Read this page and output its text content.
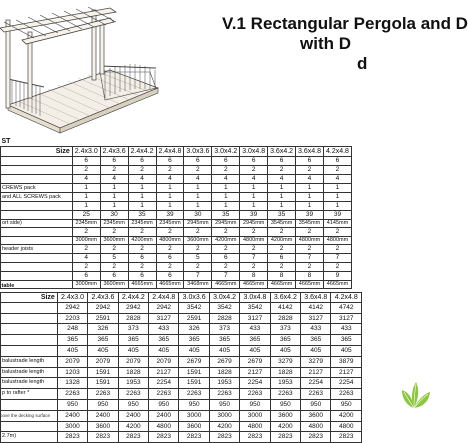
V.1 Rectangular Pergola and D
with D
d
ST										
Size	2.4x3.0	2.4x3.6	2.4x4.2	2.4x4.8	3.0x3.6	3.0x4.2	3.0x4.8	3.6x4.2	3.6x4.8	4.2x4.8
	6	6	6	6	6	6	6	6	6	6
	2	2	2	2	2	2	2	2	2	2
	4	4	4	4	4	4	4	4	4	4
CREWS pack	1	1	1	1	1	1	1	1	1	1
and ALL SCREWS pack	1	1	1	1	1	1	1	1	1	1
	1	1	1	1	1	1	1	1	1	1
	25	30	35	39	30	35	39	35	39	39
ort side)	2345mm	2345mm	2345mm	2345mm	2945mm	2945mm	2945mm	3545mm	3545mm	4145mm
	2	2	2	2	2	2	2	2	2	2
	3000mm	3600mm	4200mm	4800mm	3600mm	4200mm	4800mm	4200mm	4800mm	4800mm
header joists	2	2	2	2	2	2	2	2	2	2
	4	5	6	6	5	6	7	6	7	7
	2	2	2	2	2	2	2	2	2	2
	6	6	6	6	7	7	8	8	8	9
	3000mm	3600mm	4665mm	4665mm	3468mm	4665mm	4665mm	4665mm	4665mm	4665mm
table										
Size	2.4x3.0	2.4x3.6	2.4x4.2	2.4x4.8	3.0x3.6	3.0x4.2	3.0x4.8	3.6x4.2	3.6x4.8	4.2x4.8
	2942	2942	2942	2942	3542	3542	3542	4142	4142	4742
	2203	2591	2828	3127	2591	2828	3127	2828	3127	3127
	248	326	373	433	326	373	433	373	433	433
	365	365	365	365	365	365	365	365	365	365
	405	405	405	405	405	405	405	405	405	405
balustrade length	2079	2079	2079	2079	2679	2679	2679	3279	3279	3879
balustrade length	1203	1591	1828	2127	1591	1828	2127	1828	2127	2127
balustrade length	1328	1591	1953	2254	1591	1953	2254	1953	2254	2254
p to rafter *	2263	2263	2263	2263	2263	2263	2263	2263	2263	2263
	950	950	950	950	950	950	950	950	950	950
	2400	2400	2400	2400	3000	3000	3000	3600	3600	4200
	3000	3600	4200	4800	3600	4200	4800	4200	4800	4800
2.7m)	2823	2823	2823	2823	2823	2823	2823	2823	2823	2823
bove the decking surface
